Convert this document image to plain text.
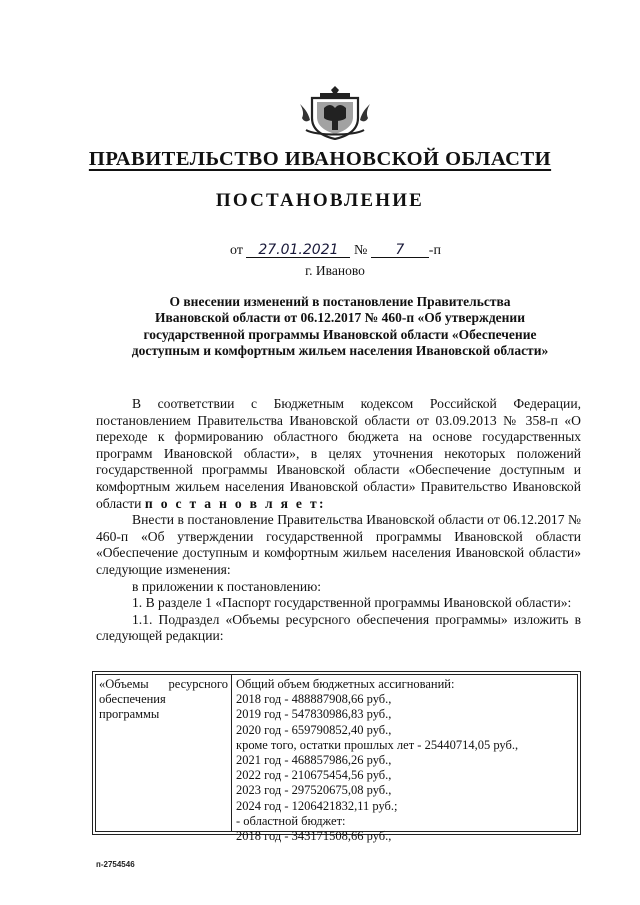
ПРАВИТЕЛЬСТВО ИВАНОВСКОЙ ОБЛАСТИ
ПОСТАНОВЛЕНИЕ
от 27.01.2021 № 7 -п
г. Иваново
О внесении изменений в постановление Правительства
Ивановской области от 06.12.2017 № 460-п «Об утверждении
государственной программы Ивановской области «Обеспечение
доступным и комфортным жильем населения Ивановской области»

В соответствии с Бюджетным кодексом Российской Федерации, постановлением Правительства Ивановской области от 03.09.2013 № 358-п «О переходе к формированию областного бюджета на основе государственных программ Ивановской области», в целях уточнения некоторых положений государственной программы Ивановской области «Обеспечение доступным и комфортным жильем населения Ивановской области» Правительство Ивановской области п о с т а н о в л я е т:

Внести в постановление Правительства Ивановской области от 06.12.2017 № 460-п «Об утверждении государственной программы Ивановской области «Обеспечение доступным и комфортным жильем населения Ивановской области» следующие изменения:

в приложении к постановлению:

1. В разделе 1 «Паспорт государственной программы Ивановской области»:

1.1. Подраздел «Объемы ресурсного обеспечения программы» изложить в следующей редакции:

«Объемы ресурсного
обеспечения
программы
Общий объем бюджетных ассигнований:
2018 год - 488887908,66 руб.,
2019 год - 547830986,83 руб.,
2020 год - 659790852,40 руб.,
кроме того, остатки прошлых лет - 25440714,05 руб.,
2021 год - 468857986,26 руб.,
2022 год - 210675454,56 руб.,
2023 год - 297520675,08 руб.,
2024 год - 1206421832,11 руб.;
- областной бюджет:
2018 год - 343171508,66 руб.,
п-2754546
